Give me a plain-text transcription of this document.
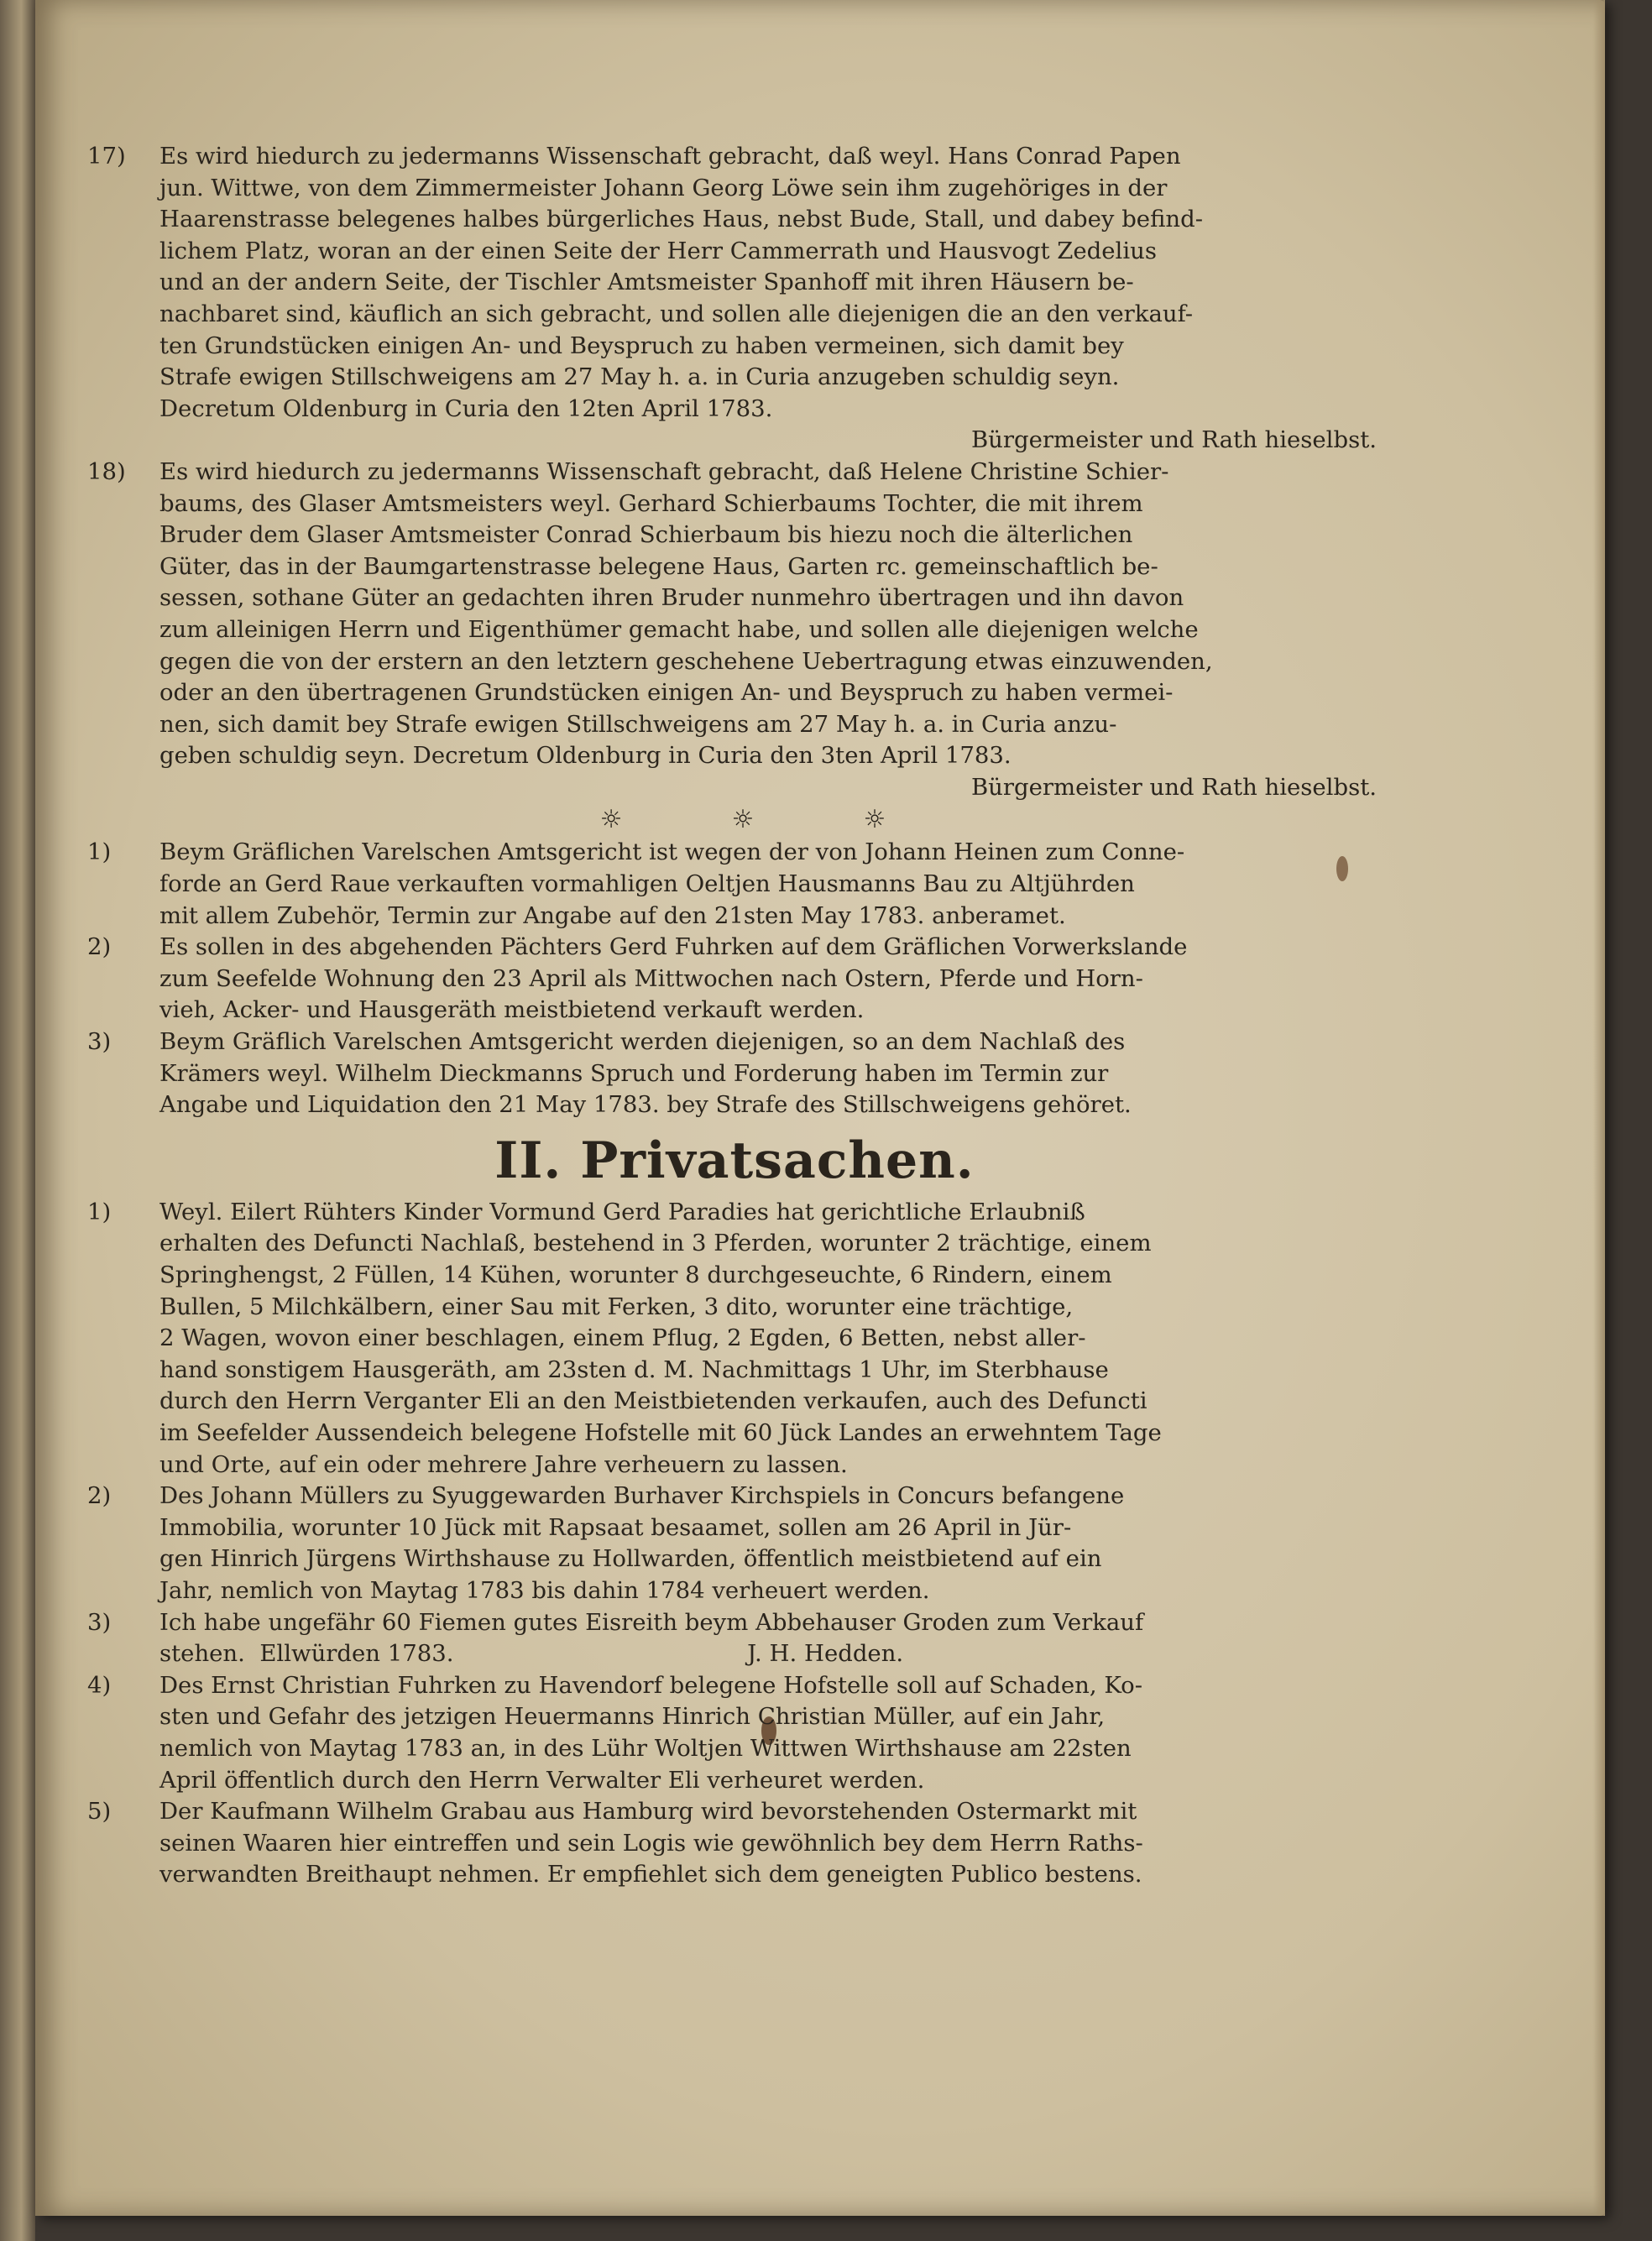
17) Es wird hiedurch zu jedermanns Wissenschaft gebracht, daß weyl. Hans Conrad Papen
jun. Wittwe, von dem Zimmermeister Johann Georg Löwe sein ihm zugehöriges in der
Haarenstrasse belegenes halbes bürgerliches Haus, nebst Bude, Stall, und dabey befind-
lichem Platz, woran an der einen Seite der Herr Cammerrath und Hausvogt Zedelius
und an der andern Seite, der Tischler Amtsmeister Spanhoff mit ihren Häusern be-
nachbaret sind, käuflich an sich gebracht, und sollen alle diejenigen die an den verkauf-
ten Grundstücken einigen An- und Beyspruch zu haben vermeinen, sich damit bey
Strafe ewigen Stillschweigens am 27 May h. a. in Curia anzugeben schuldig seyn.
Decretum Oldenburg in Curia den 12ten April 1783.
Bürgermeister und Rath hieselbst.
18) Es wird hiedurch zu jedermanns Wissenschaft gebracht, daß Helene Christine Schier-
baums, des Glaser Amtsmeisters weyl. Gerhard Schierbaums Tochter, die mit ihrem
Bruder dem Glaser Amtsmeister Conrad Schierbaum bis hiezu noch die älterlichen
Güter, das in der Baumgartenstrasse belegene Haus, Garten rc. gemeinschaftlich be-
sessen, sothane Güter an gedachten ihren Bruder nunmehro übertragen und ihn davon
zum alleinigen Herrn und Eigenthümer gemacht habe, und sollen alle diejenigen welche
gegen die von der erstern an den letztern geschehene Uebertragung etwas einzuwenden,
oder an den übertragenen Grundstücken einigen An- und Beyspruch zu haben vermei-
nen, sich damit bey Strafe ewigen Stillschweigens am 27 May h. a. in Curia anzu-
geben schuldig seyn. Decretum Oldenburg in Curia den 3ten April 1783.
Bürgermeister und Rath hieselbst.
☼	☼	☼
1) Beym Gräflichen Varelschen Amtsgericht ist wegen der von Johann Heinen zum Conne-
forde an Gerd Raue verkauften vormahligen Oeltjen Hausmanns Bau zu Altjührden
mit allem Zubehör, Termin zur Angabe auf den 21sten May 1783. anberamet.
2) Es sollen in des abgehenden Pächters Gerd Fuhrken auf dem Gräflichen Vorwerkslande
zum Seefelde Wohnung den 23 April als Mittwochen nach Ostern, Pferde und Horn-
vieh, Acker- und Hausgeräth meistbietend verkauft werden.
3) Beym Gräflich Varelschen Amtsgericht werden diejenigen, so an dem Nachlaß des
Krämers weyl. Wilhelm Dieckmanns Spruch und Forderung haben im Termin zur
Angabe und Liquidation den 21 May 1783. bey Strafe des Stillschweigens gehöret.
II. Privatsachen.
1) Weyl. Eilert Rühters Kinder Vormund Gerd Paradies hat gerichtliche Erlaubniß
erhalten des Defuncti Nachlaß, bestehend in 3 Pferden, worunter 2 trächtige, einem
Springhengst, 2 Füllen, 14 Kühen, worunter 8 durchgeseuchte, 6 Rindern, einem
Bullen, 5 Milchkälbern, einer Sau mit Ferken, 3 dito, worunter eine trächtige,
2 Wagen, wovon einer beschlagen, einem Pflug, 2 Egden, 6 Betten, nebst aller-
hand sonstigem Hausgeräth, am 23sten d. M. Nachmittags 1 Uhr, im Sterbhause
durch den Herrn Verganter Eli an den Meistbietenden verkaufen, auch des Defuncti
im Seefelder Aussendeich belegene Hofstelle mit 60 Jück Landes an erwehntem Tage
und Orte, auf ein oder mehrere Jahre verheuern zu lassen.
2) Des Johann Müllers zu Syuggewarden Burhaver Kirchspiels in Concurs befangene
Immobilia, worunter 10 Jück mit Rapsaat besaamet, sollen am 26 April in Jür-
gen Hinrich Jürgens Wirthshause zu Hollwarden, öffentlich meistbietend auf ein
Jahr, nemlich von Maytag 1783 bis dahin 1784 verheuert werden.
3) Ich habe ungefähr 60 Fiemen gutes Eisreith beym Abbehauser Groden zum Verkauf
stehen.  Ellwürden 1783.                                        J. H. Hedden.
4) Des Ernst Christian Fuhrken zu Havendorf belegene Hofstelle soll auf Schaden, Ko-
sten und Gefahr des jetzigen Heuermanns Hinrich Christian Müller, auf ein Jahr,
nemlich von Maytag 1783 an, in des Lühr Woltjen Wittwen Wirthshause am 22sten
April öffentlich durch den Herrn Verwalter Eli verheuret werden.
5) Der Kaufmann Wilhelm Grabau aus Hamburg wird bevorstehenden Ostermarkt mit
seinen Waaren hier eintreffen und sein Logis wie gewöhnlich bey dem Herrn Raths-
verwandten Breithaupt nehmen. Er empfiehlet sich dem geneigten Publico bestens.
